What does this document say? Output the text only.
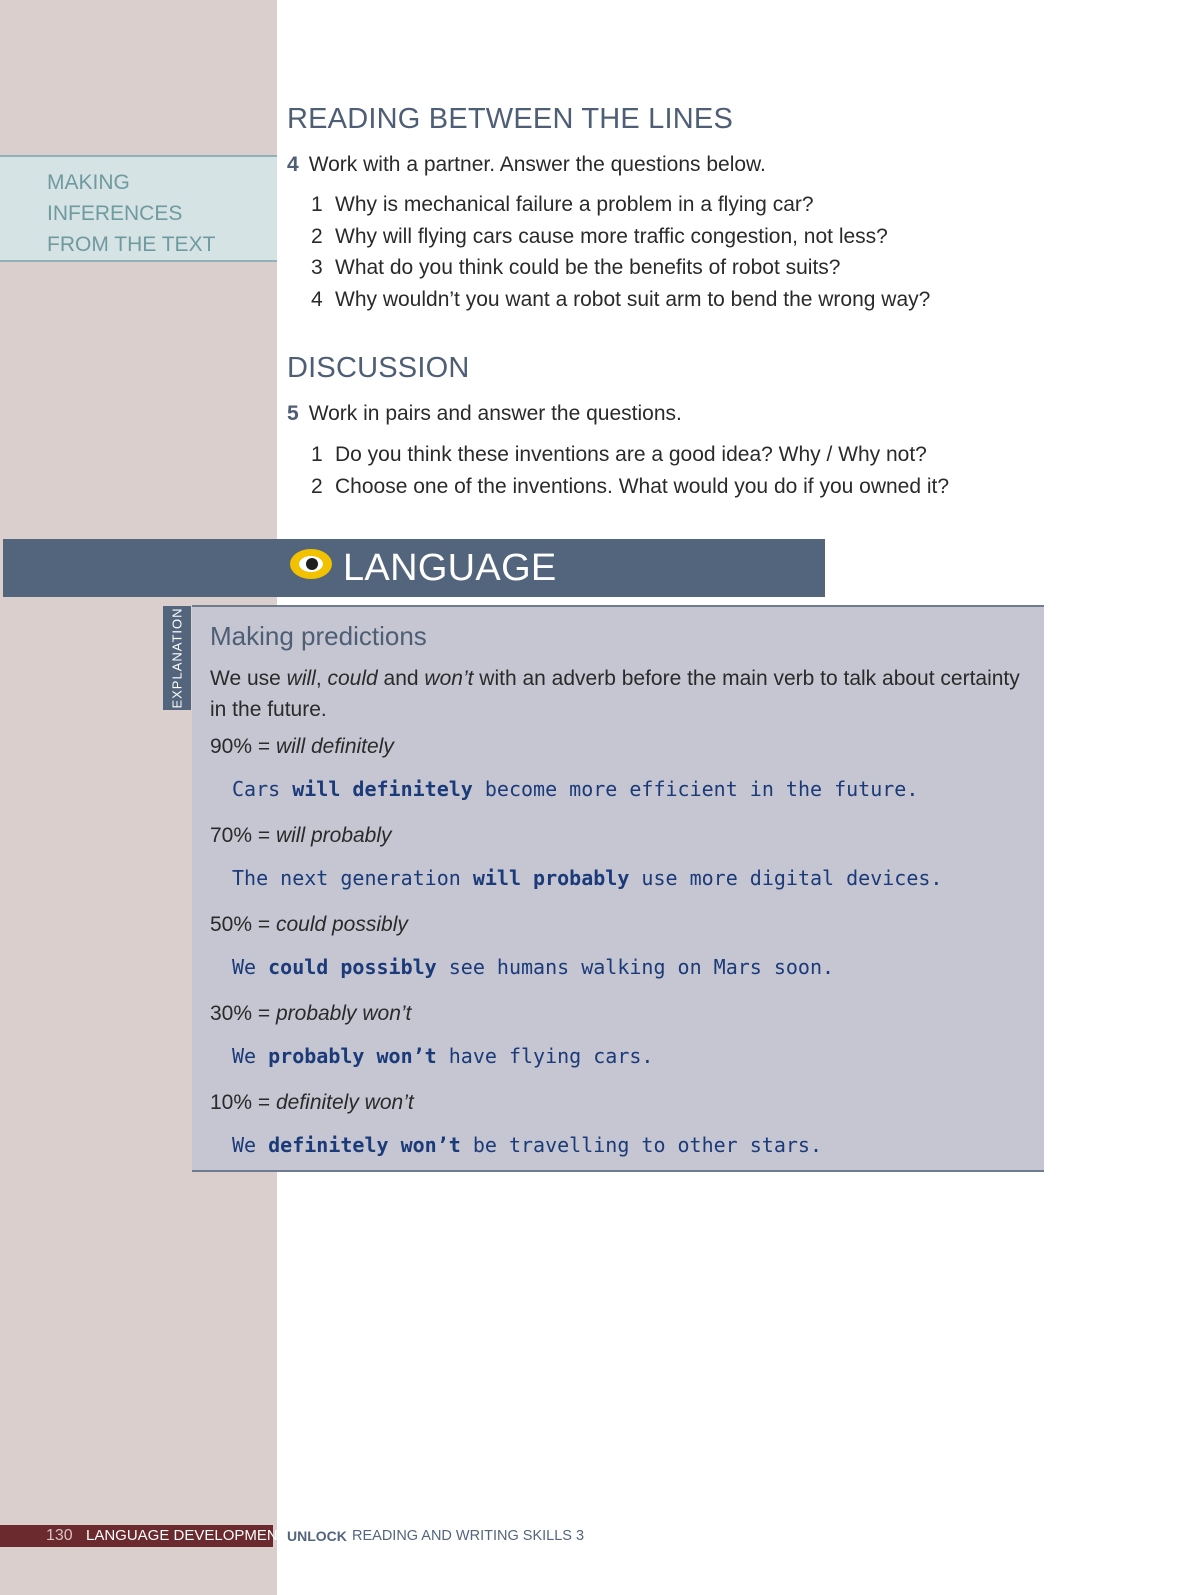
MAKING
INFERENCES
FROM THE TEXT
READING BETWEEN THE LINES
4 Work with a partner. Answer the questions below.
1 Why is mechanical failure a problem in a flying car?
2 Why will flying cars cause more traffic congestion, not less?
3 What do you think could be the benefits of robot suits?
4 Why wouldn’t you want a robot suit arm to bend the wrong way?
DISCUSSION
5 Work in pairs and answer the questions.
1 Do you think these inventions are a good idea? Why / Why not?
2 Choose one of the inventions. What would you do if you owned it?
LANGUAGE
EXPLANATION Making predictions
We use will, could and won’t with an adverb before the main verb to talk about certainty in the future.
90% = will definitely
Cars will definitely become more efficient in the future.
70% = will probably
The next generation will probably use more digital devices.
50% = could possibly
We could possibly see humans walking on Mars soon.
30% = probably won’t
We probably won’t have flying cars.
10% = definitely won’t
We definitely won’t be travelling to other stars.
130 LANGUAGE DEVELOPMENT UNLOCK READING AND WRITING SKILLS 3
